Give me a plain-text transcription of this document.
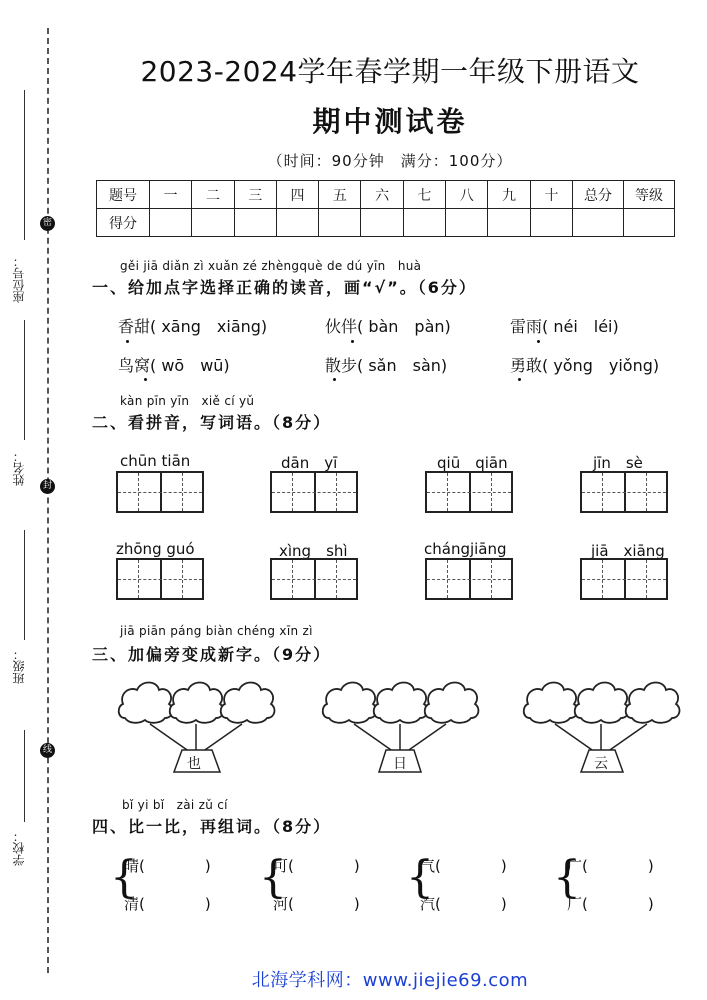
密
封
线
座位号：
姓名：
班级：
学校：
2023-2024学年春学期一年级下册语文
期中测试卷
（时间：90分钟　满分：100分）
题号	一	二	三	四	五	六	七	八	九	十	总分	等级
得分												
gěi jiā diǎn zì xuǎn zé zhèngquè de dú yīn　huà
一、给加点字选择正确的读音，画“√”。（6分）
香甜( xāng　xiāng)	伙伴( bàn　pàn)	雷雨( néi　léi)
鸟窝( wō　wū)	散步( sǎn　sàn)	勇敢( yǒng　yiǒng)
kàn pīn yīn　xiě cí yǔ
二、看拼音，写词语。（8分）
chūn tiān	dān　yī	qiū　qiān	jīn　sè
zhōng guó	xìng　shì	chángjiāng	jiā　xiāng
jiā piān páng biàn chéng xīn zì
三、加偏旁变成新字。（9分）
也	日	云
bǐ yi bǐ　zài zǔ cí
四、比一比，再组词。（8分）
{
晴(　　　　)
清(　　　　)
{
可(　　　　)
河(　　　　)
{
气(　　　　)
汽(　　　　)
{
广(　　　　)
厂(　　　　)
北海学科网：www.jiejie69.com
